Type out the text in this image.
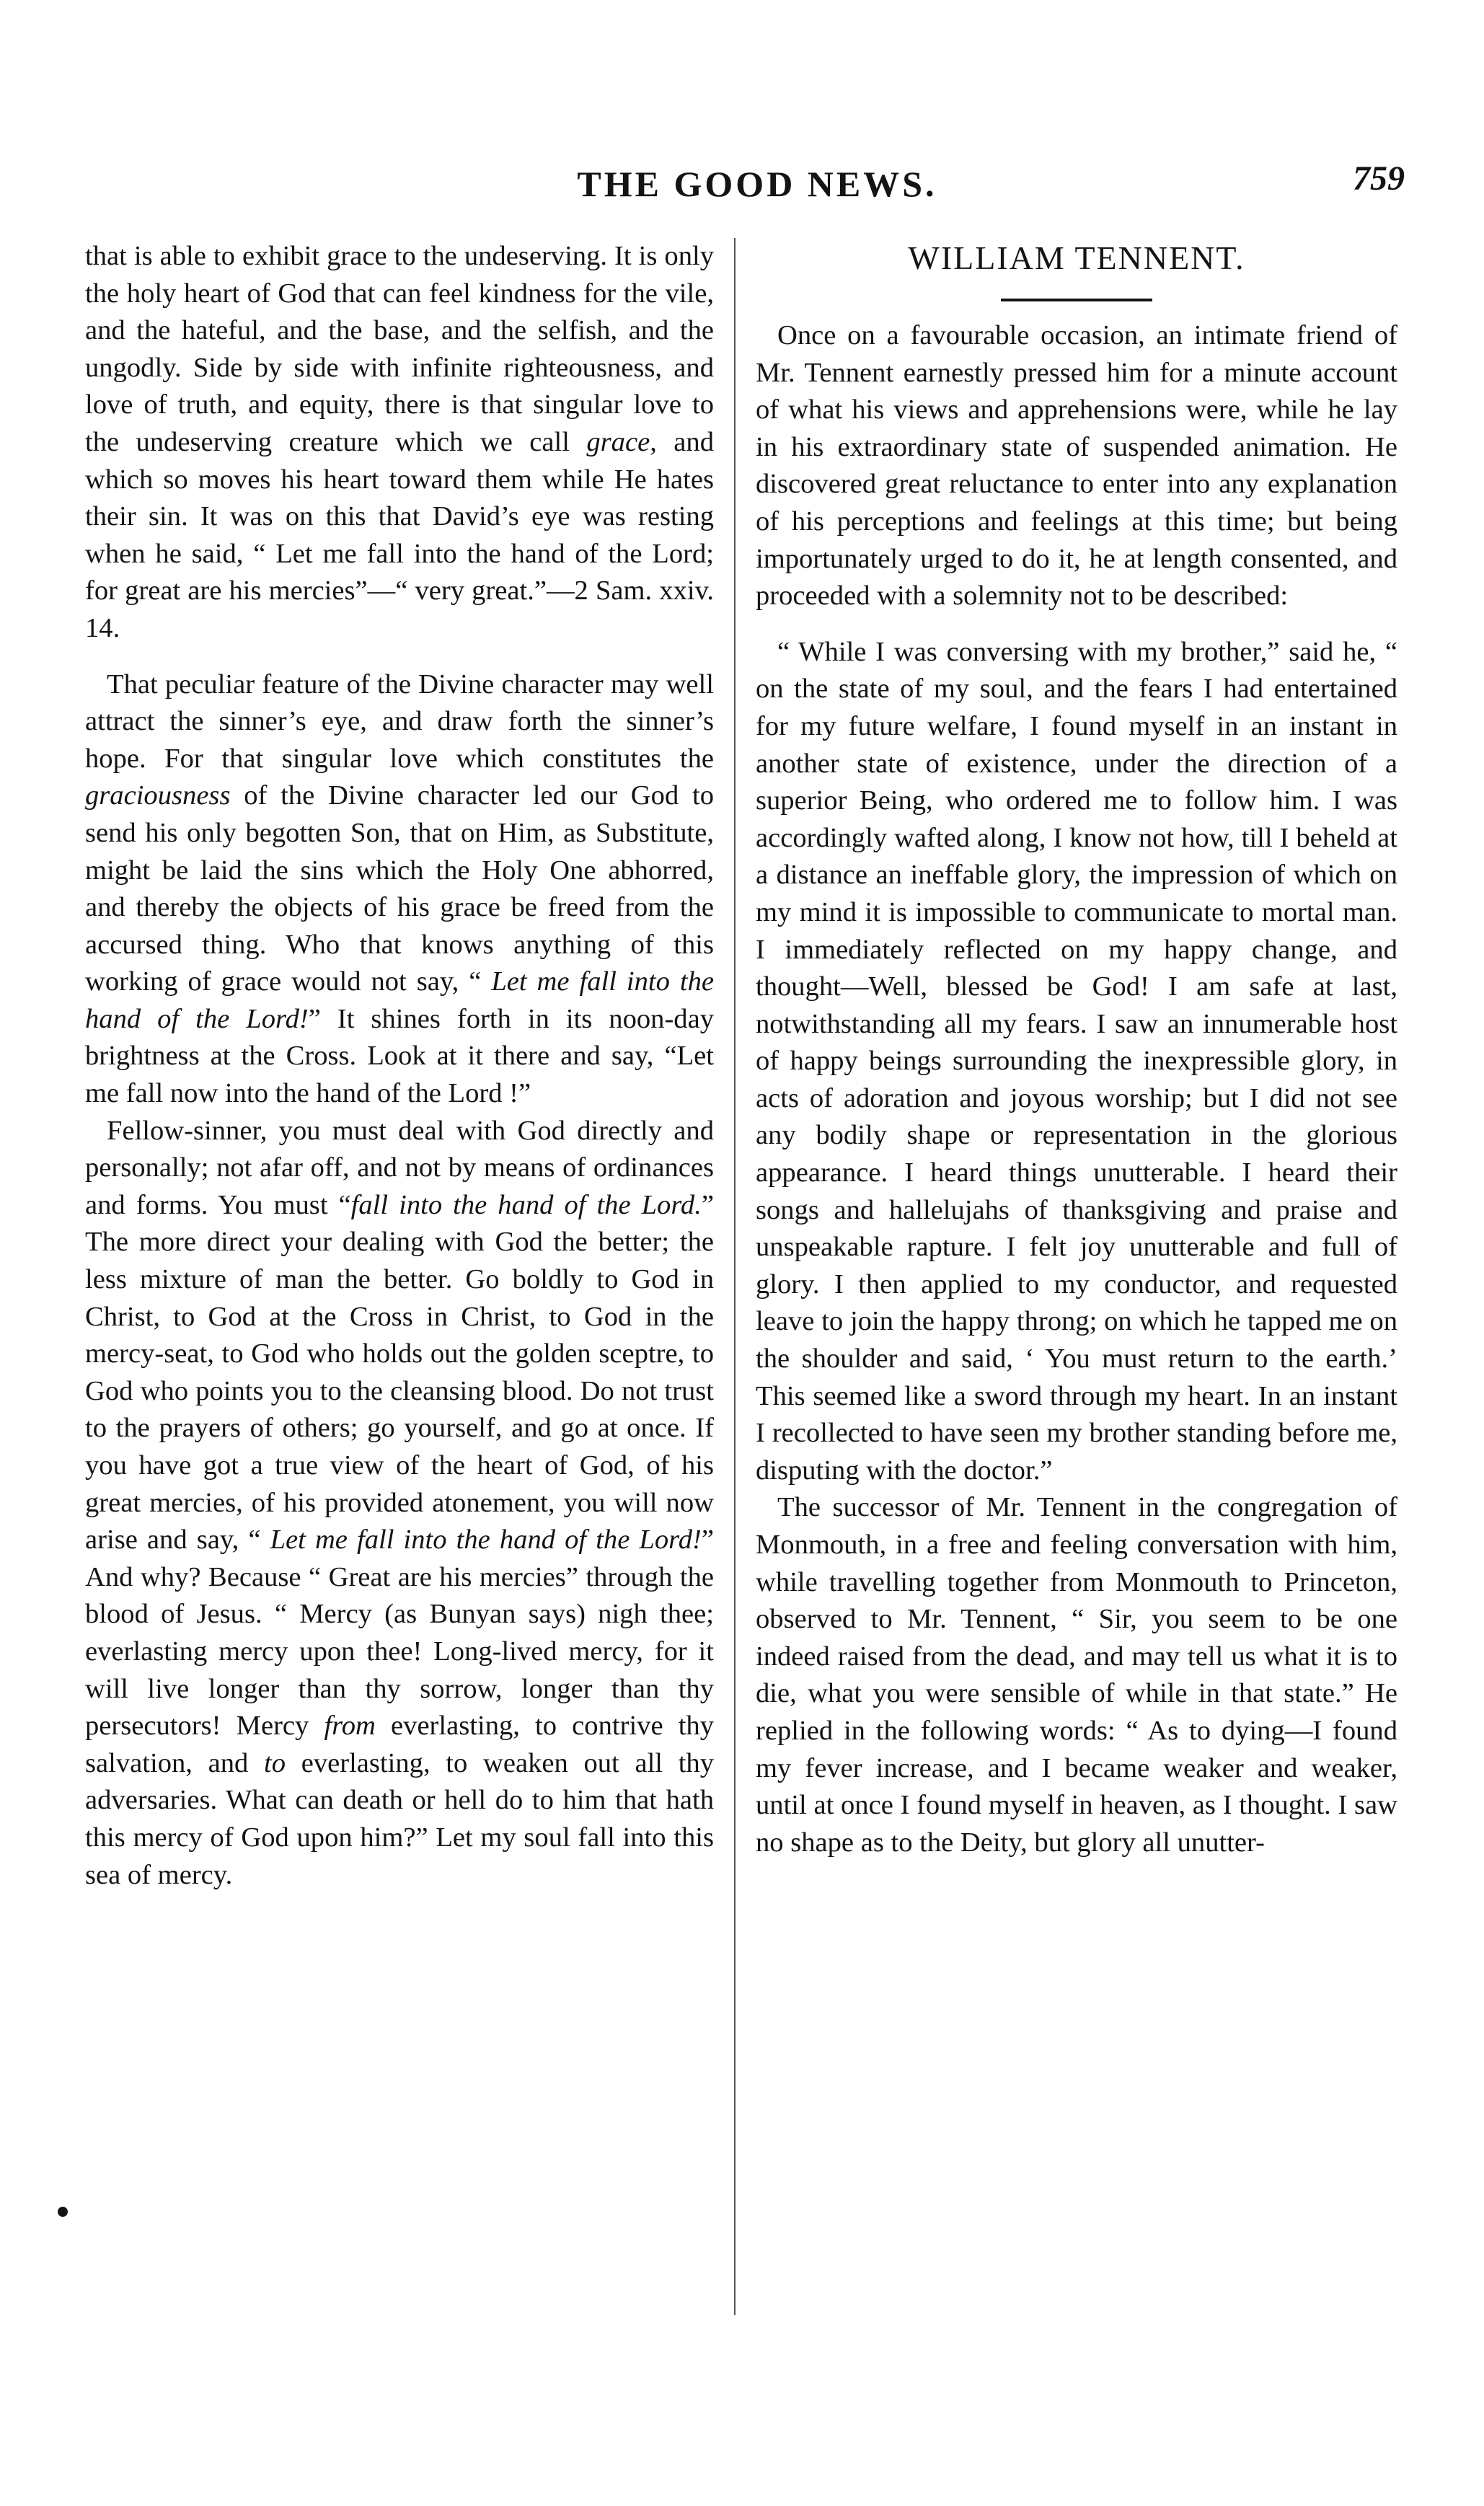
THE GOOD NEWS.	759

that is able to exhibit grace to the undeserving. It is only the holy heart of God that can feel kindness for the vile, and the hateful, and the base, and the selfish, and the ungodly. Side by side with infinite righteousness, and love of truth, and equity, there is that singular love to the undeserving creature which we call grace, and which so moves his heart toward them while He hates their sin. It was on this that David’s eye was resting when he said, “ Let me fall into the hand of the Lord; for great are his mercies”—“ very great.”—2 Sam. xxiv. 14.

That peculiar feature of the Divine character may well attract the sinner’s eye, and draw forth the sinner’s hope. For that singular love which constitutes the graciousness of the Divine character led our God to send his only begotten Son, that on Him, as Substitute, might be laid the sins which the Holy One abhorred, and thereby the objects of his grace be freed from the accursed thing. Who that knows anything of this working of grace would not say, “ Let me fall into the hand of the Lord!” It shines forth in its noon-day brightness at the Cross. Look at it there and say, “Let me fall now into the hand of the Lord !”

Fellow-sinner, you must deal with God directly and personally; not afar off, and not by means of ordinances and forms. You must “fall into the hand of the Lord.” The more direct your dealing with God the better; the less mixture of man the better. Go boldly to God in Christ, to God at the Cross in Christ, to God in the mercy-seat, to God who holds out the golden sceptre, to God who points you to the cleansing blood. Do not trust to the prayers of others; go yourself, and go at once. If you have got a true view of the heart of God, of his great mercies, of his provided atonement, you will now arise and say, “ Let me fall into the hand of the Lord!” And why? Because “ Great are his mercies” through the blood of Jesus. “ Mercy (as Bunyan says) nigh thee; everlasting mercy upon thee! Long-lived mercy, for it will live longer than thy sorrow, longer than thy persecutors! Mercy from everlasting, to contrive thy salvation, and to everlasting, to weaken out all thy adversaries. What can death or hell do to him that hath this mercy of God upon him?” Let my soul fall into this sea of mercy.

WILLIAM TENNENT.

Once on a favourable occasion, an intimate friend of Mr. Tennent earnestly pressed him for a minute account of what his views and apprehensions were, while he lay in his extraordinary state of suspended animation. He discovered great reluctance to enter into any explanation of his perceptions and feelings at this time; but being importunately urged to do it, he at length consented, and proceeded with a solemnity not to be described:

“ While I was conversing with my brother,” said he, “ on the state of my soul, and the fears I had entertained for my future welfare, I found myself in an instant in another state of existence, under the direction of a superior Being, who ordered me to follow him. I was accordingly wafted along, I know not how, till I beheld at a distance an ineffable glory, the impression of which on my mind it is impossible to communicate to mortal man. I immediately reflected on my happy change, and thought—Well, blessed be God! I am safe at last, notwithstanding all my fears. I saw an innumerable host of happy beings surrounding the inexpressible glory, in acts of adoration and joyous worship; but I did not see any bodily shape or representation in the glorious appearance. I heard things unutterable. I heard their songs and hallelujahs of thanksgiving and praise and unspeakable rapture. I felt joy unutterable and full of glory. I then applied to my conductor, and requested leave to join the happy throng; on which he tapped me on the shoulder and said, ‘ You must return to the earth.’ This seemed like a sword through my heart. In an instant I recollected to have seen my brother standing before me, disputing with the doctor.”

The successor of Mr. Tennent in the congregation of Monmouth, in a free and feeling conversation with him, while travelling together from Monmouth to Princeton, observed to Mr. Tennent, “ Sir, you seem to be one indeed raised from the dead, and may tell us what it is to die, what you were sensible of while in that state.” He replied in the following words: “ As to dying—I found my fever increase, and I became weaker and weaker, until at once I found myself in heaven, as I thought. I saw no shape as to the Deity, but glory all unutter-
